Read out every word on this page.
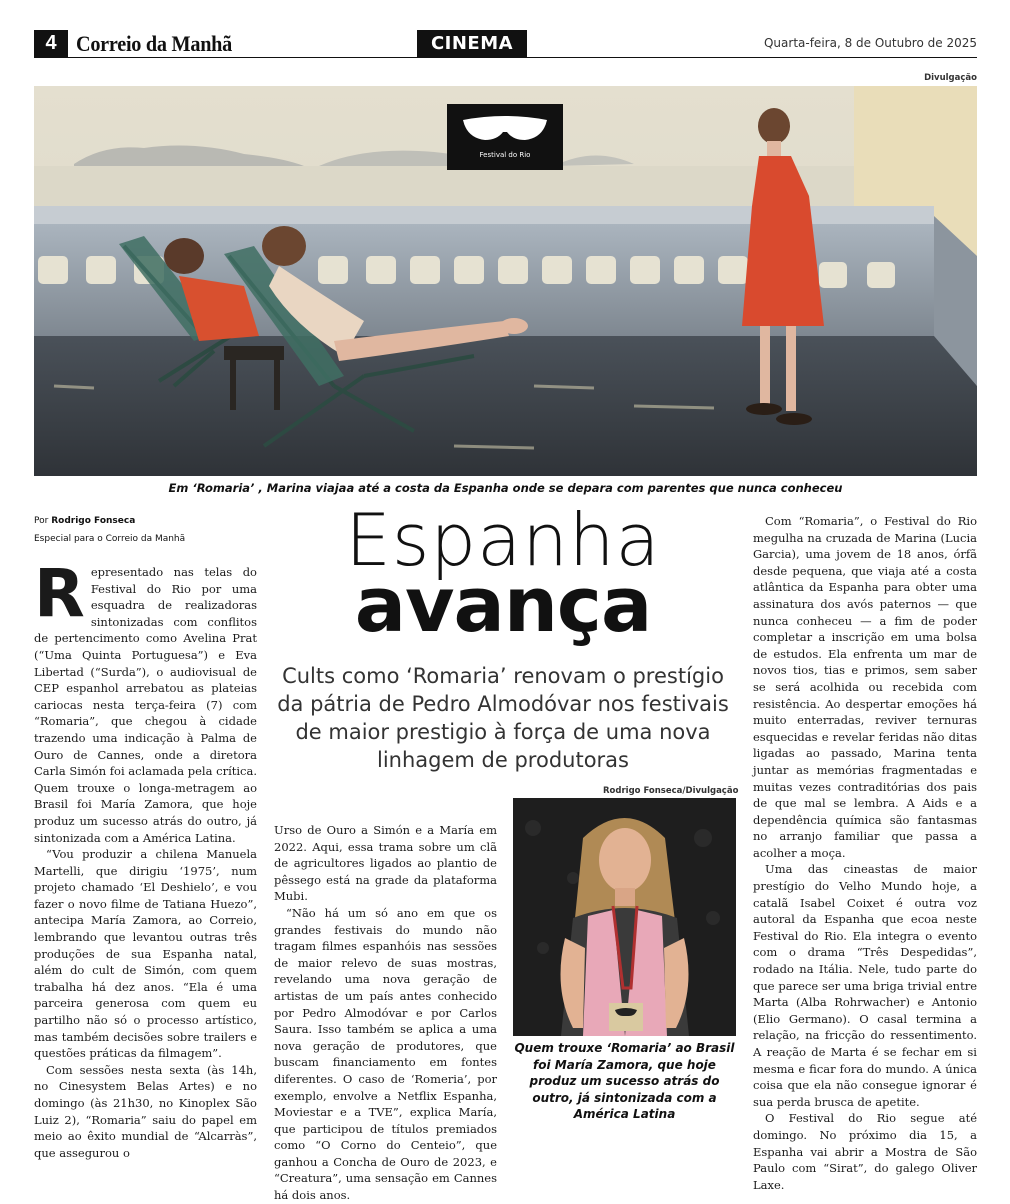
4 Correio da Manhã	CINEMA	Quarta-feira, 8 de Outubro de 2025
Divulgação
Festival do Rio
Em ‘Romaria’ , Marina viajaa até a costa da Espanha onde se depara com parentes que nunca conheceu
Por Rodrigo Fonseca
Especial para o Correio da Manhã	Espanha
avança
Cults como ‘Romaria’ renovam o prestígio da pátria de Pedro Almodóvar nos festivais de maior prestigio à força de uma nova linhagem de produtoras

Representado nas telas do Festival do Rio por uma esquadra de realizadoras sintonizadas com conflitos de pertencimento como Avelina Prat (“Uma Quinta Portuguesa”) e Eva Libertad (“Surda”), o audiovisual de CEP espanhol arrebatou as plateias cariocas nesta terça-feira (7) com “Romaria”, que chegou à cidade trazendo uma indicação à Palma de Ouro de Cannes, onde a diretora Carla Simón foi aclamada pela crítica. Quem trouxe o longa-metragem ao Brasil foi María Zamora, que hoje produz um sucesso atrás do outro, já sintonizada com a América Latina.

“Vou produzir a chilena Manuela Martelli, que dirigiu ‘1975’, num projeto chamado ‘El Deshielo’, e vou fazer o novo filme de Tatiana Huezo”, antecipa María Zamora, ao Correio, lembrando que levantou outras três produções de sua Espanha natal, além do cult de Simón, com quem trabalha há dez anos. “Ela é uma parceira generosa com quem eu partilho não só o processo artístico, mas também decisões sobre trailers e questões práticas da filmagem”.

Com sessões nesta sexta (às 14h, no Cinesystem Belas Artes) e no domingo (às 21h30, no Kinoplex São Luiz 2), “Romaria” saiu do papel em meio ao êxito mundial de “Alcarràs”, que assegurou o

Urso de Ouro a Simón e a María em 2022. Aqui, essa trama sobre um clã de agricultores ligados ao plantio de pêssego está na grade da plataforma Mubi.

“Não há um só ano em que os grandes festivais do mundo não tragam filmes espanhóis nas sessões de maior relevo de suas mostras, revelando uma nova geração de artistas de um país antes conhecido por Pedro Almodóvar e por Carlos Saura. Isso também se aplica a uma nova geração de produtores, que buscam financiamento em fontes diferentes. O caso de ‘Romeria’, por exemplo, envolve a Netflix Espanha, Moviestar e a TVE”, explica María, que participou de títulos premiados como “O Corno do Centeio”, que ganhou a Concha de Ouro de 2023, e “Creatura”, uma sensação em Cannes há dois anos.

Rodrigo Fonseca/Divulgação
Quem trouxe ‘Romaria’ ao Brasil foi María Zamora, que hoje produz um sucesso atrás do outro, já sintonizada com a América Latina

Com “Romaria”, o Festival do Rio megulha na cruzada de Marina (Lucia Garcia), uma jovem de 18 anos, órfã desde pequena, que viaja até a costa atlântica da Espanha para obter uma assinatura dos avós paternos — que nunca conheceu — a fim de poder completar a inscrição em uma bolsa de estudos. Ela enfrenta um mar de novos tios, tias e primos, sem saber se será acolhida ou recebida com resistência. Ao despertar emoções há muito enterradas, reviver ternuras esquecidas e revelar feridas não ditas ligadas ao passado, Marina tenta juntar as memórias fragmentadas e muitas vezes contraditórias dos pais de que mal se lembra. A Aids e a dependência química são fantasmas no arranjo familiar que passa a acolher a moça.

Uma das cineastas de maior prestígio do Velho Mundo hoje, a catalã Isabel Coixet é outra voz autoral da Espanha que ecoa neste Festival do Rio. Ela integra o evento com o drama “Três Despedidas”, rodado na Itália. Nele, tudo parte do que parece ser uma briga trivial entre Marta (Alba Rohrwacher) e Antonio (Elio Germano). O casal termina a relação, na fricção do ressentimento. A reação de Marta é se fechar em si mesma e ficar fora do mundo. A única coisa que ela não consegue ignorar é sua perda brusca de apetite.

O Festival do Rio segue até domingo. No próximo dia 15, a Espanha vai abrir a Mostra de São Paulo com “Sirat”, do galego Oliver Laxe.
